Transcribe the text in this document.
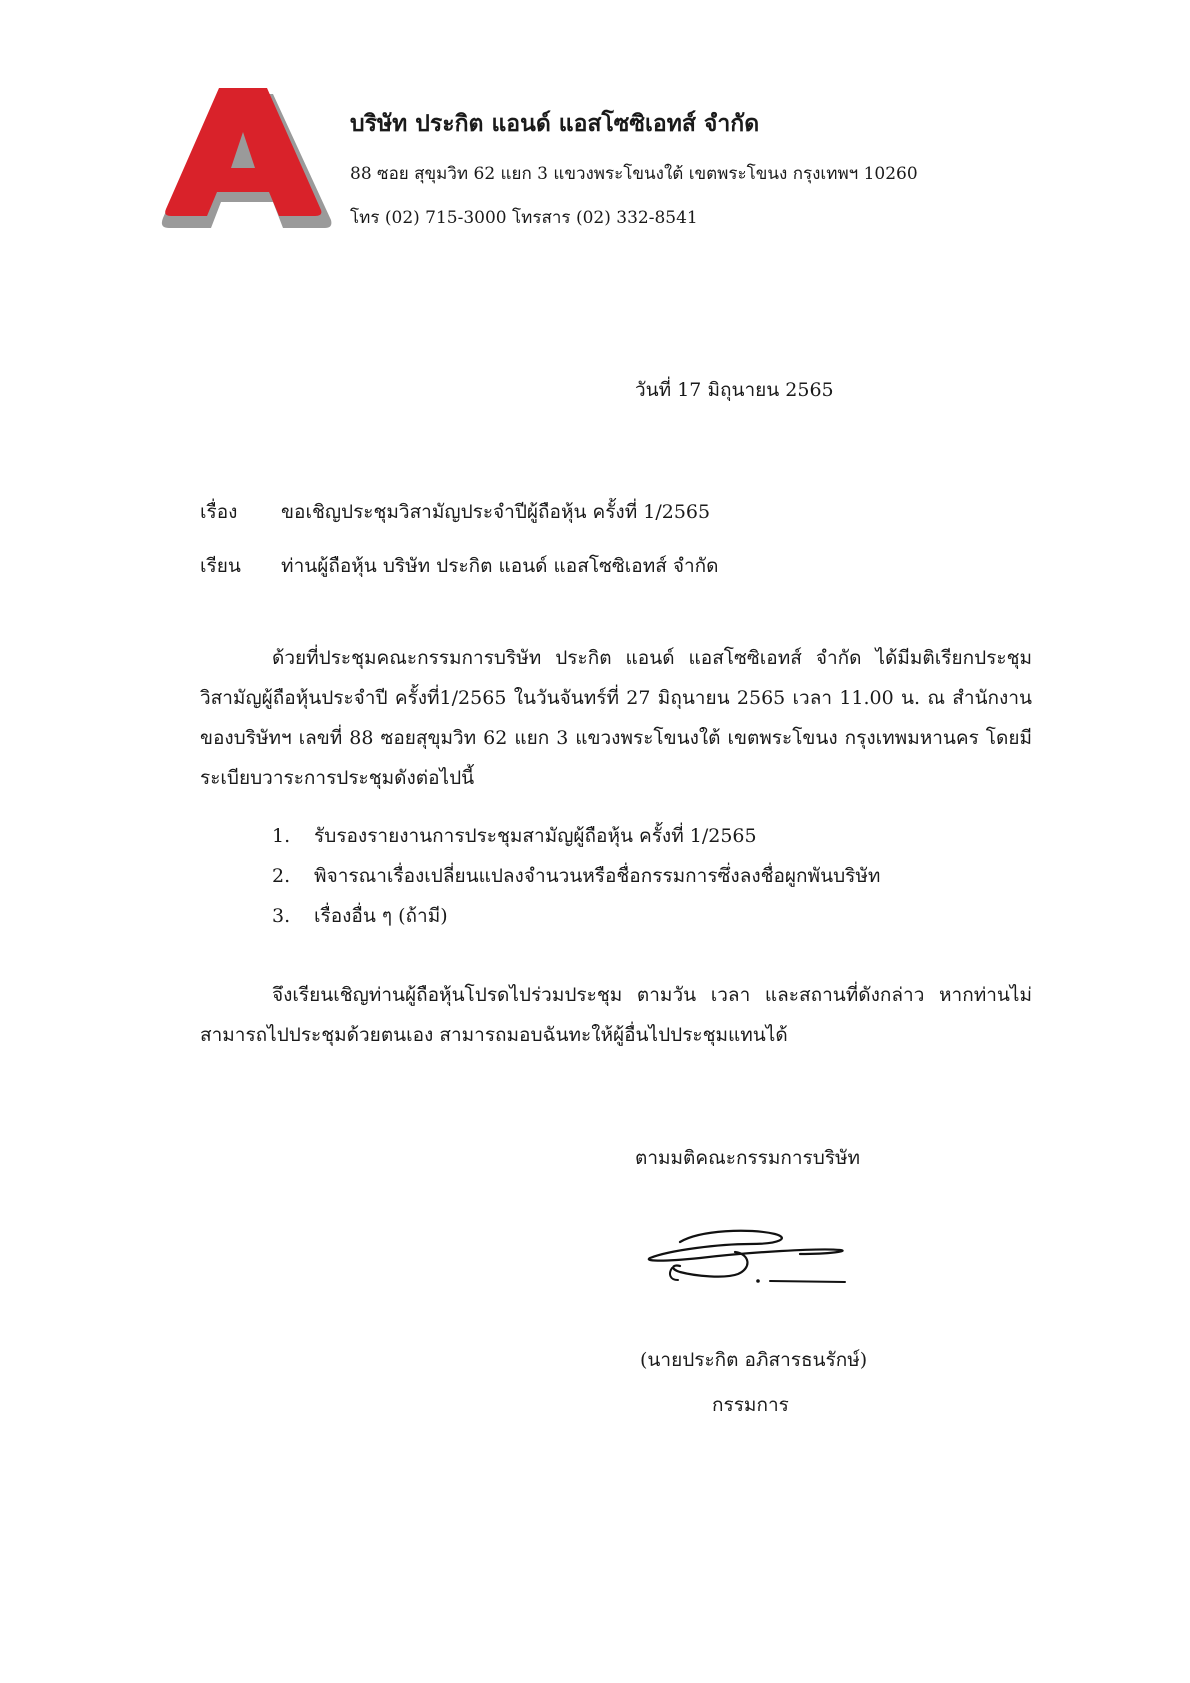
บริษัท ประกิต แอนด์ แอสโซซิเอทส์ จำกัด
88 ซอย สุขุมวิท 62 แยก 3 แขวงพระโขนงใต้ เขตพระโขนง กรุงเทพฯ 10260
โทร (02) 715-3000 โทรสาร (02) 332-8541
วันที่ 17 มิถุนายน 2565
เรื่อง ขอเชิญประชุมวิสามัญประจำปีผู้ถือหุ้น ครั้งที่ 1/2565
เรียน ท่านผู้ถือหุ้น บริษัท ประกิต แอนด์ แอสโซซิเอทส์ จำกัด
ด้วยที่ประชุมคณะกรรมการบริษัท ประกิต แอนด์ แอสโซซิเอทส์ จำกัด ได้มีมติเรียกประชุมวิสามัญผู้ถือหุ้นประจำปี ครั้งที่1/2565 ในวันจันทร์ที่ 27 มิถุนายน 2565 เวลา 11.00 น. ณ สำนักงานของบริษัทฯ เลขที่ 88 ซอยสุขุมวิท 62 แยก 3 แขวงพระโขนงใต้ เขตพระโขนง กรุงเทพมหานคร โดยมีระเบียบวาระการประชุมดังต่อไปนี้
1. รับรองรายงานการประชุมสามัญผู้ถือหุ้น ครั้งที่ 1/2565
2. พิจารณาเรื่องเปลี่ยนแปลงจำนวนหรือชื่อกรรมการซึ่งลงชื่อผูกพันบริษัท
3. เรื่องอื่น ๆ (ถ้ามี)
จึงเรียนเชิญท่านผู้ถือหุ้นโปรดไปร่วมประชุม ตามวัน เวลา และสถานที่ดังกล่าว หากท่านไม่สามารถไปประชุมด้วยตนเอง สามารถมอบฉันทะให้ผู้อื่นไปประชุมแทนได้
ตามมติคณะกรรมการบริษัท
(นายประกิต อภิสารธนรักษ์)
กรรมการ
